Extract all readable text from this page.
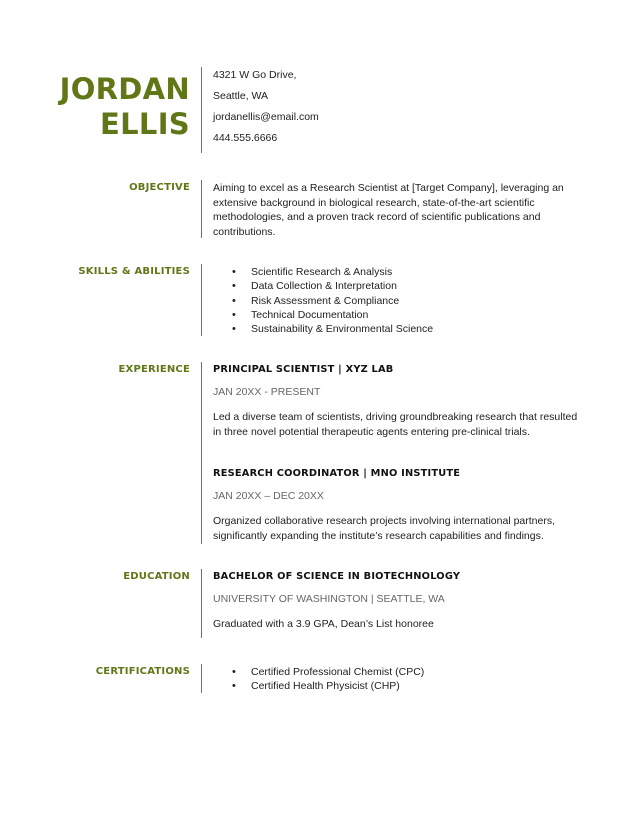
JORDAN
ELLIS
4321 W Go Drive,
Seattle, WA
jordanellis@email.com
444.555.6666
OBJECTIVE Aiming to excel as a Research Scientist at [Target Company], leveraging an extensive background in biological research, state-of-the-art scientific methodologies, and a proven track record of scientific publications and contributions.

SKILLS & ABILITIES	• Scientific Research & Analysis
• Data Collection & Interpretation
• Risk Assessment & Compliance
• Technical Documentation
• Sustainability & Environmental Science
EXPERIENCE PRINCIPAL SCIENTIST | XYZ LAB
JAN 20XX - PRESENT

Led a diverse team of scientists, driving groundbreaking research that resulted in three novel potential therapeutic agents entering pre-clinical trials.

RESEARCH COORDINATOR | MNO INSTITUTE
JAN 20XX – DEC 20XX

Organized collaborative research projects involving international partners, significantly expanding the institute’s research capabilities and findings.

EDUCATION BACHELOR OF SCIENCE IN BIOTECHNOLOGY
UNIVERSITY OF WASHINGTON | SEATTLE, WA
Graduated with a 3.9 GPA, Dean’s List honoree
CERTIFICATIONS	• Certified Professional Chemist (CPC)
• Certified Health Physicist (CHP)
